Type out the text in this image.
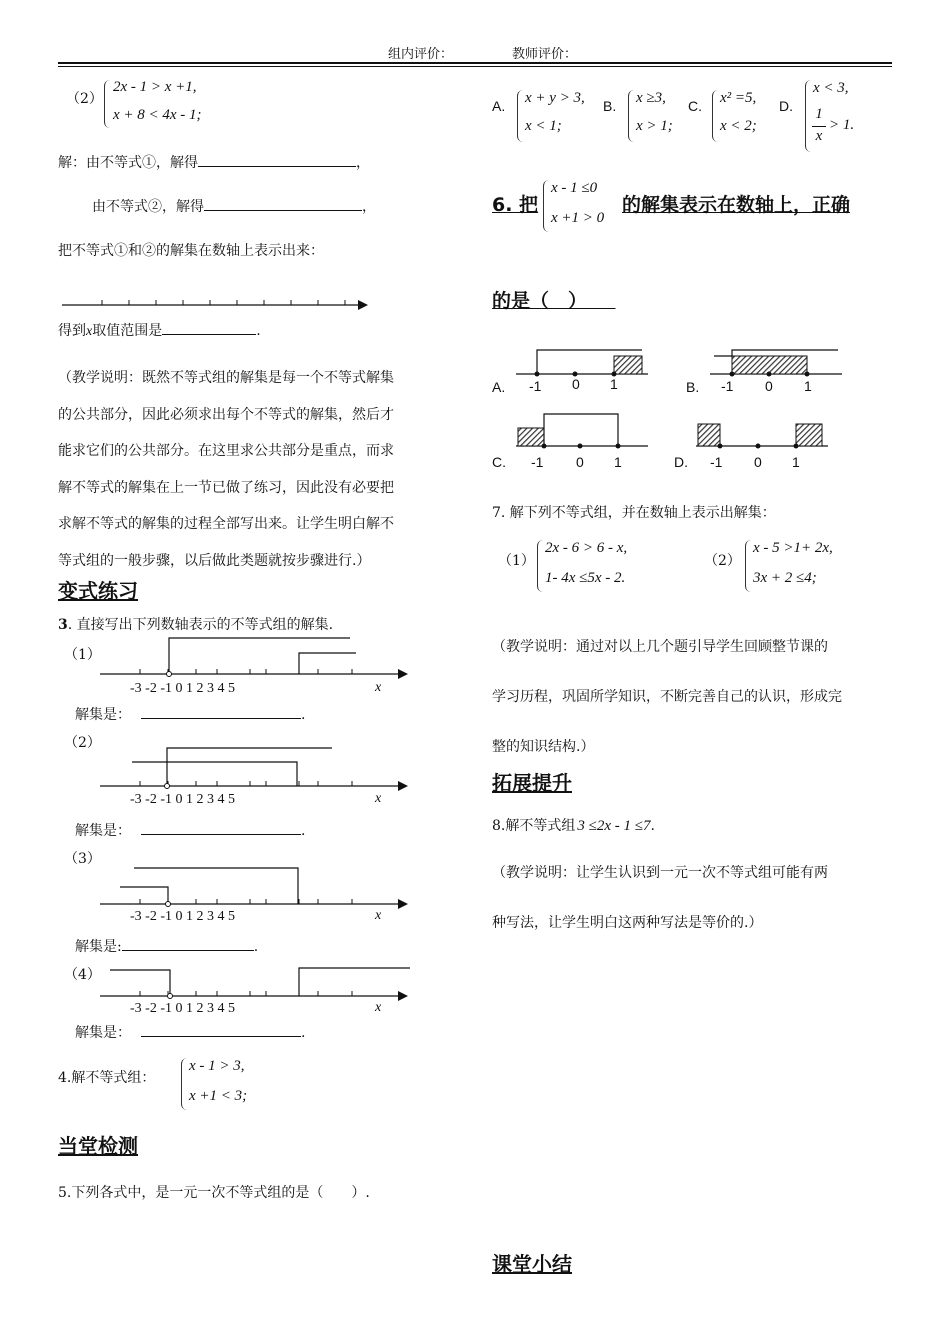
组内评价：	教师评价：
（2）
2x - 1 > x +1,
x + 8 < 4x - 1;
解：由不等式①，解得	，
由不等式②，解得	，
把不等式①和②的解集在数轴上表示出来：
得到x取值范围是	.
（教学说明：既然不等式组的解集是每一个不等式解集
的公共部分，因此必须求出每个不等式的解集，然后才
能求它们的公共部分。在这里求公共部分是重点，而求
解不等式的解集在上一节已做了练习，因此没有必要把
求解不等式的解集的过程全部写出来。让学生明白解不
等式组的一般步骤，以后做此类题就按步骤进行.）
变式练习
3. 直接写出下列数轴表示的不等式组的解集.
（1）
-3 -2 -1 0 1 2 3 4 5	x
解集是：	.
（2）
-3 -2 -1 0 1 2 3 4 5	x
解集是：	.
（3）
-3 -2 -1 0 1 2 3 4 5	x
解集是:	.
（4）
-3 -2 -1 0 1 2 3 4 5	x
解集是：	.
4.解不等式组：
x - 1 > 3,
x +1 < 3;
当堂检测
5.下列各式中，是一元一次不等式组的是（　　）.
A. x + y > 3,
x < 1;
B. x ≥3,
x > 1;
C. x² =5,
x < 2;
D.
x < 3,
1
x
> 1.
6. 把
x - 1 ≤0
x +1 > 0
的解集表示在数轴上，正确
的是（　）　　
A. -1 0 1	B. -1 0 1
C. -1 0 1	D. -1 0 1
7. 解下列不等式组，并在数轴上表示出解集：
（1）
2x - 6 > 6 - x,
1- 4x ≤5x - 2.
（2）
x - 5 >1+ 2x,
3x + 2 ≤4;
（教学说明：通过对以上几个题引导学生回顾整节课的
学习历程，巩固所学知识，不断完善自己的认识，形成完
整的知识结构.）
拓展提升
8.解不等式组 3 ≤2x - 1 ≤7.
（教学说明：让学生认识到一元一次不等式组可能有两
种写法，让学生明白这两种写法是等价的.）
课堂小结
